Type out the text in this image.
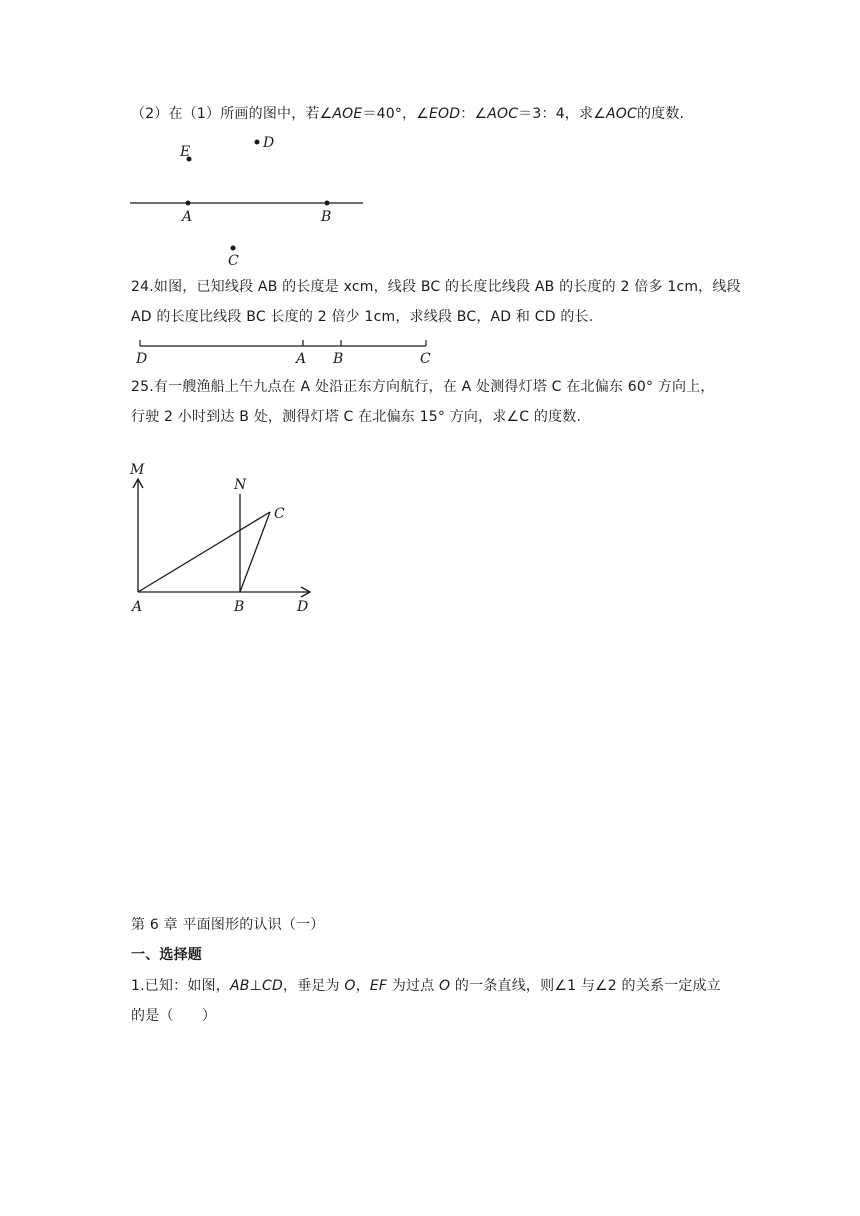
（2）在（1）所画的图中，若∠AOE＝40°，∠EOD：∠AOC＝3：4，求∠AOC的度数.
E
D
A	B
C
24.如图，已知线段 AB 的长度是 xcm，线段 BC 的长度比线段 AB 的长度的 2 倍多 1cm，线段
AD 的长度比线段 BC 长度的 2 倍少 1cm，求线段 BC，AD 和 CD 的长.
D	A B	C
25.有一艘渔船上午九点在 A 处沿正东方向航行，在 A 处测得灯塔 C 在北偏东 60° 方向上，
行驶 2 小时到达 B 处，测得灯塔 C 在北偏东 15° 方向，求∠C 的度数.
M
N
C
A	B	D
第 6 章 平面图形的认识（一）
一、选择题
1.已知：如图，AB⊥CD，垂足为 O，EF 为过点 O 的一条直线，则∠1 与∠2 的关系一定成立
的是（　　）
